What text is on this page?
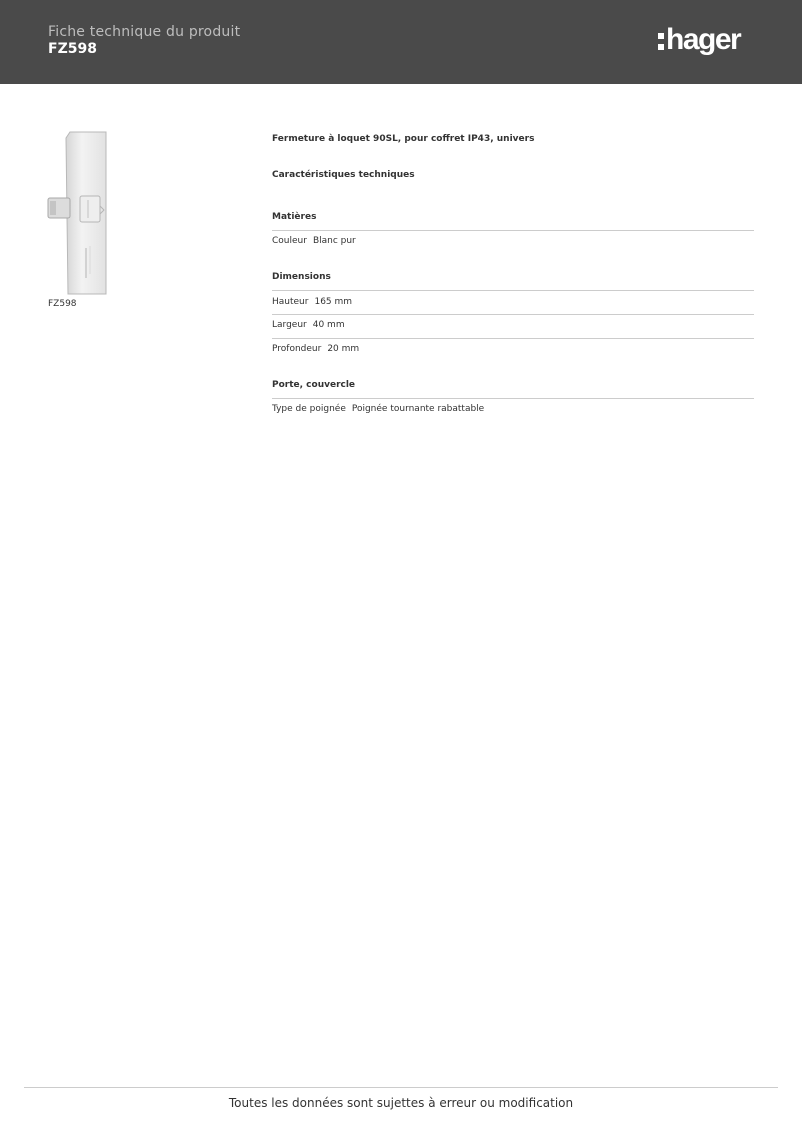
Fiche technique du produit
FZ598	hager
FZ598
Fermeture à loquet 90SL, pour coffret IP43, univers
Caractéristiques techniques
Matières
Couleur Blanc pur
Dimensions
Hauteur 165 mm
Largeur 40 mm
Profondeur 20 mm
Porte, couvercle
Type de poignée Poignée tournante rabattable
Toutes les données sont sujettes à erreur ou modification
